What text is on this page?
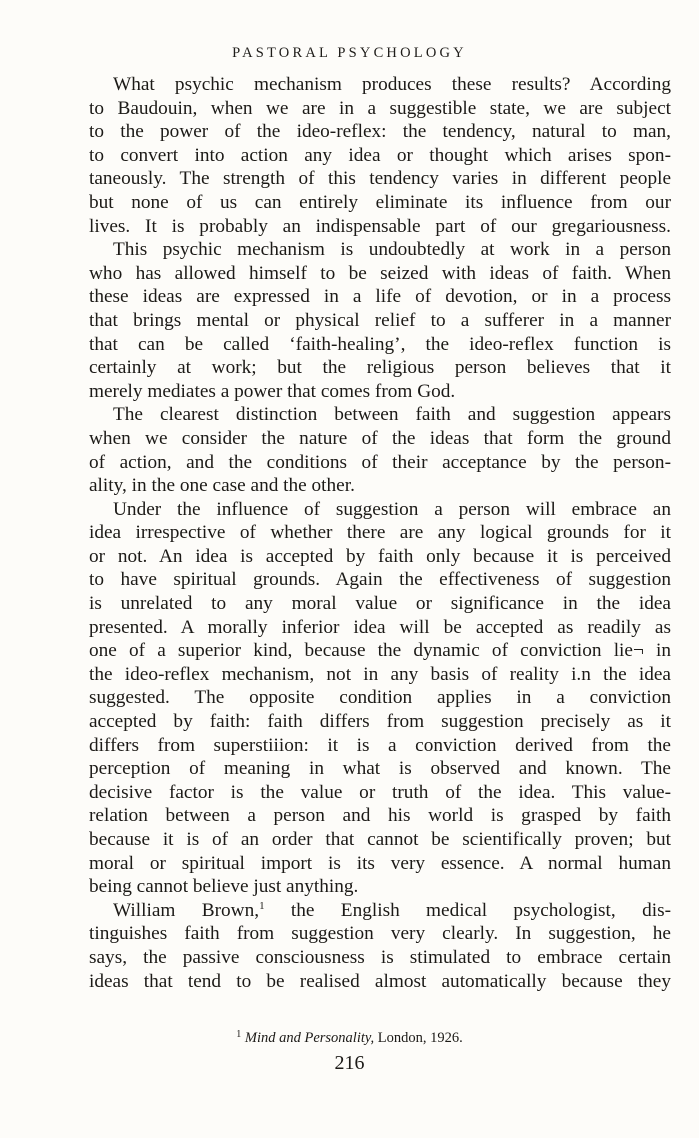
PASTORAL PSYCHOLOGY

What psychic mechanism produces these results? According
to Baudouin, when we are in a suggestible state, we are subject
to the power of the ideo-reflex: the tendency, natural to man,
to convert into action any idea or thought which arises spon-
taneously. The strength of this tendency varies in different people
but none of us can entirely eliminate its influence from our
lives. It is probably an indispensable part of our gregariousness.

This psychic mechanism is undoubtedly at work in a person
who has allowed himself to be seized with ideas of faith. When
these ideas are expressed in a life of devotion, or in a process
that brings mental or physical relief to a sufferer in a manner
that can be called ‘faith-healing’, the ideo-reflex function is
certainly at work; but the religious person believes that it
merely mediates a power that comes from God.

The clearest distinction between faith and suggestion appears
when we consider the nature of the ideas that form the ground
of action, and the conditions of their acceptance by the person-
ality, in the one case and the other.

Under the influence of suggestion a person will embrace an
idea irrespective of whether there are any logical grounds for it
or not. An idea is accepted by faith only because it is perceived
to have spiritual grounds. Again the effectiveness of suggestion
is unrelated to any moral value or significance in the idea
presented. A morally inferior idea will be accepted as readily as
one of a superior kind, because the dynamic of conviction lie¬ in
the ideo-reflex mechanism, not in any basis of reality i.n the idea
suggested. The opposite condition applies in a conviction
accepted by faith: faith differs from suggestion precisely as it
differs from superstiiion: it is a conviction derived from the
perception of meaning in what is observed and known. The
decisive factor is the value or truth of the idea. This value-
relation between a person and his world is grasped by faith
because it is of an order that cannot be scientifically proven; but
moral or spiritual import is its very essence. A normal human
being cannot believe just anything.

William Brown,$^1$ the English medical psychologist, dis-
tinguishes faith from suggestion very clearly. In suggestion, he
says, the passive consciousness is stimulated to embrace certain
ideas that tend to be realised almost automatically because they

$^1$ Mind and Personality, London, 1926.
216
